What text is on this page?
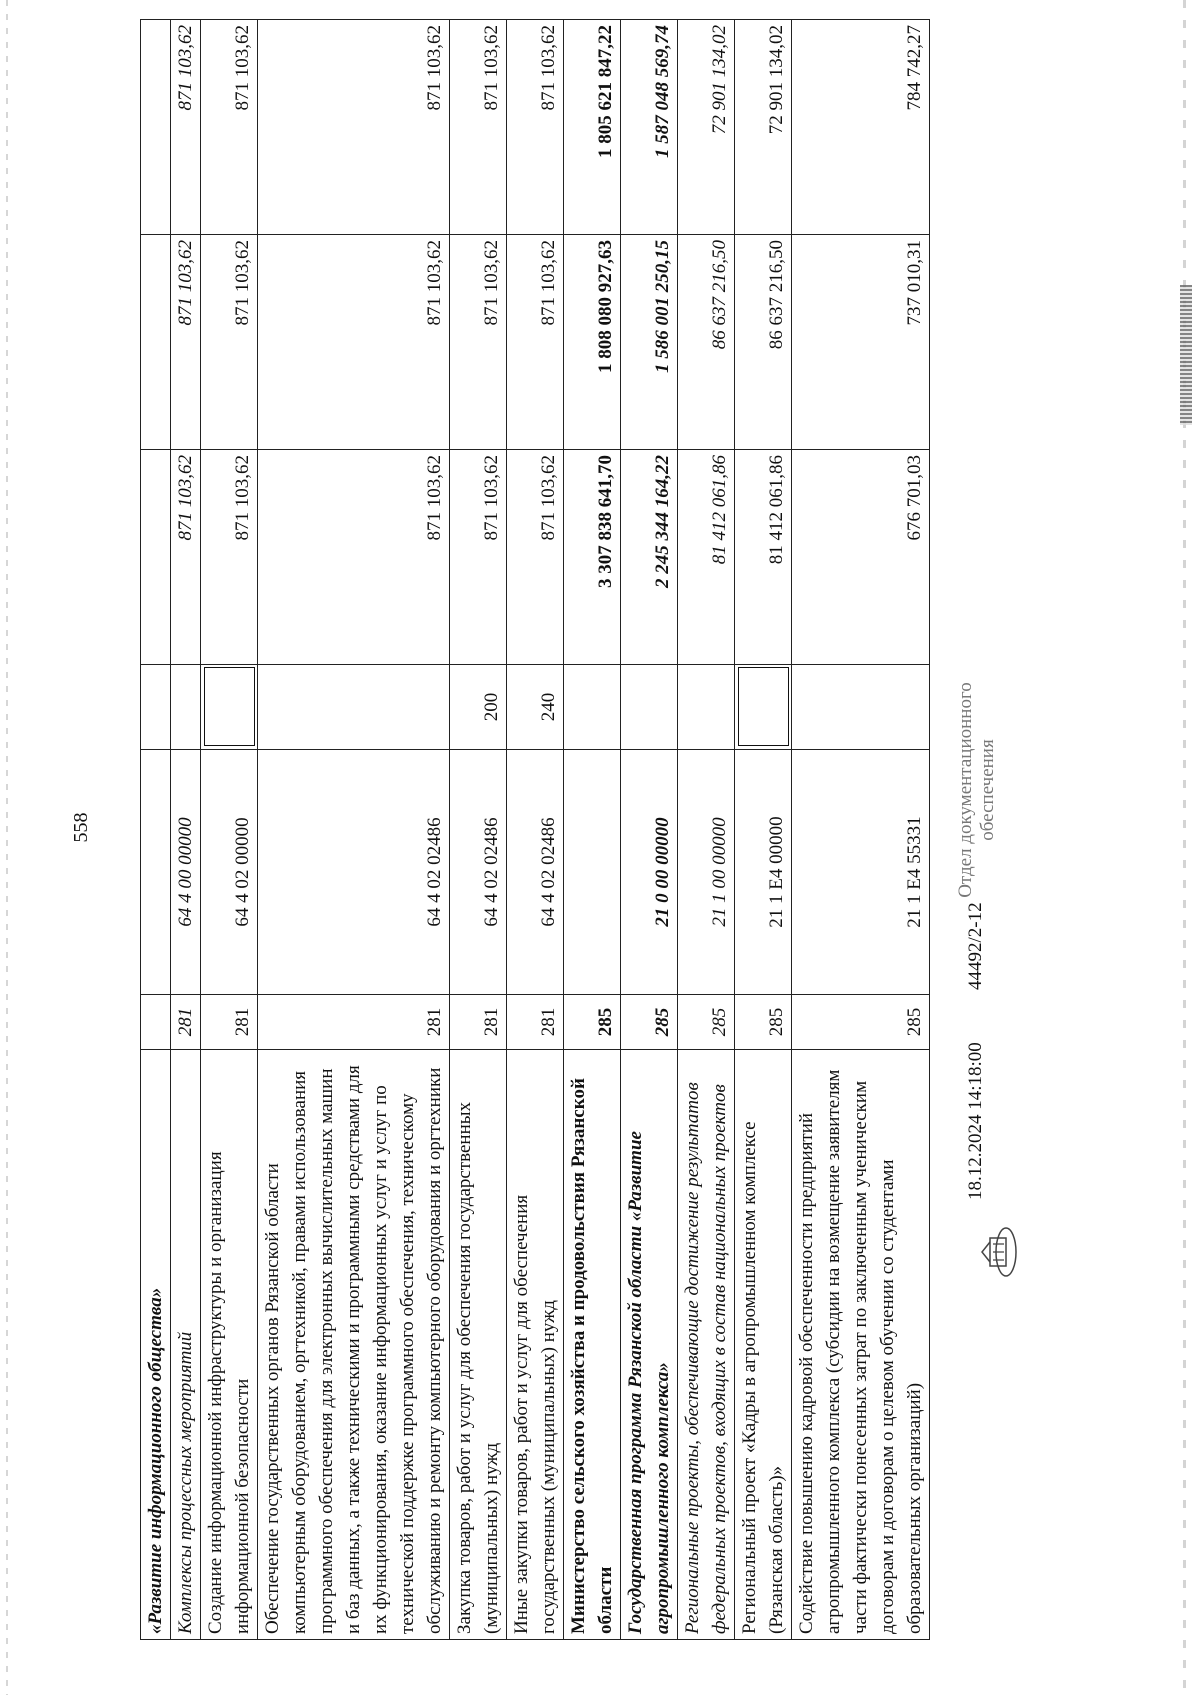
558
«Развитие информационного общества»						
Комплексы процессных мероприятий	281	64 4 00 00000		871 103,62	871 103,62	871 103,62
Создание информационной инфраструктуры и организация информационной безопасности	281	64 4 02 00000		871 103,62	871 103,62	871 103,62
Обеспечение государственных органов Рязанской области компьютерным оборудованием, оргтехникой, правами использования программного обеспечения для электронных вычислительных машин и баз данных, а также техническими и программными средствами для их функционирования, оказание информационных услуг и услуг по технической поддержке программного обеспечения, техническому обслуживанию и ремонту компьютерного оборудования и оргтехники	281	64 4 02 02486		871 103,62	871 103,62	871 103,62
Закупка товаров, работ и услуг для обеспечения государственных (муниципальных) нужд	281	64 4 02 02486	200	871 103,62	871 103,62	871 103,62
Иные закупки товаров, работ и услуг для обеспечения государственных (муниципальных) нужд	281	64 4 02 02486	240	871 103,62	871 103,62	871 103,62
Министерство сельского хозяйства и продовольствия Рязанской области	285			3 307 838 641,70	1 808 080 927,63	1 805 621 847,22
Государственная программа Рязанской области «Развитие агропромышленного комплекса»	285	21 0 00 00000		2 245 344 164,22	1 586 001 250,15	1 587 048 569,74
Региональные проекты, обеспечивающие достижение результатов федеральных проектов, входящих в состав национальных проектов	285	21 1 00 00000		81 412 061,86	86 637 216,50	72 901 134,02
Региональный проект «Кадры в агропромышленном комплексе (Рязанская область)»	285	21 1 Е4 00000		81 412 061,86	86 637 216,50	72 901 134,02
Содействие повышению кадровой обеспеченности предприятий агропромышленного комплекса (субсидии на возмещение заявителям части фактически понесенных затрат по заключенным ученическим договорам и договорам о целевом обучении со студентами образовательных организаций)	285	21 1 Е4 55331		676 701,03	737 010,31	784 742,27
18.12.2024 14:18:00
44492/2-12
Отдел документационного обеспечения
